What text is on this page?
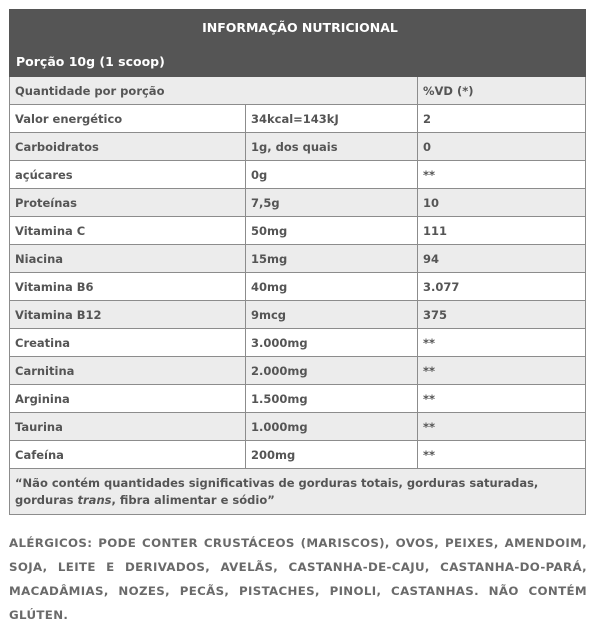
INFORMAÇÃO NUTRICIONAL		
Porção 10g (1 scoop)		
Quantidade por porção		%VD (*)
Valor energético	34kcal=143kJ	2
Carboidratos	1g, dos quais	0
açúcares	0g	**
Proteínas	7,5g	10
Vitamina C	50mg	111
Niacina	15mg	94
Vitamina B6	40mg	3.077
Vitamina B12	9mcg	375
Creatina	3.000mg	**
Carnitina	2.000mg	**
Arginina	1.500mg	**
Taurina	1.000mg	**
Cafeína	200mg	**
“Não contém quantidades significativas de gorduras totais, gorduras saturadas, gorduras trans, fibra alimentar e sódio”		
ALÉRGICOS: PODE CONTER CRUSTÁCEOS (MARISCOS), OVOS, PEIXES, AMENDOIM, SOJA, LEITE E DERIVADOS, AVELÃS, CASTANHA-DE-CAJU, CASTANHA-DO-PARÁ, MACADÂMIAS, NOZES, PECÃS, PISTACHES, PINOLI, CASTANHAS. NÃO CONTÉM GLÚTEN.
